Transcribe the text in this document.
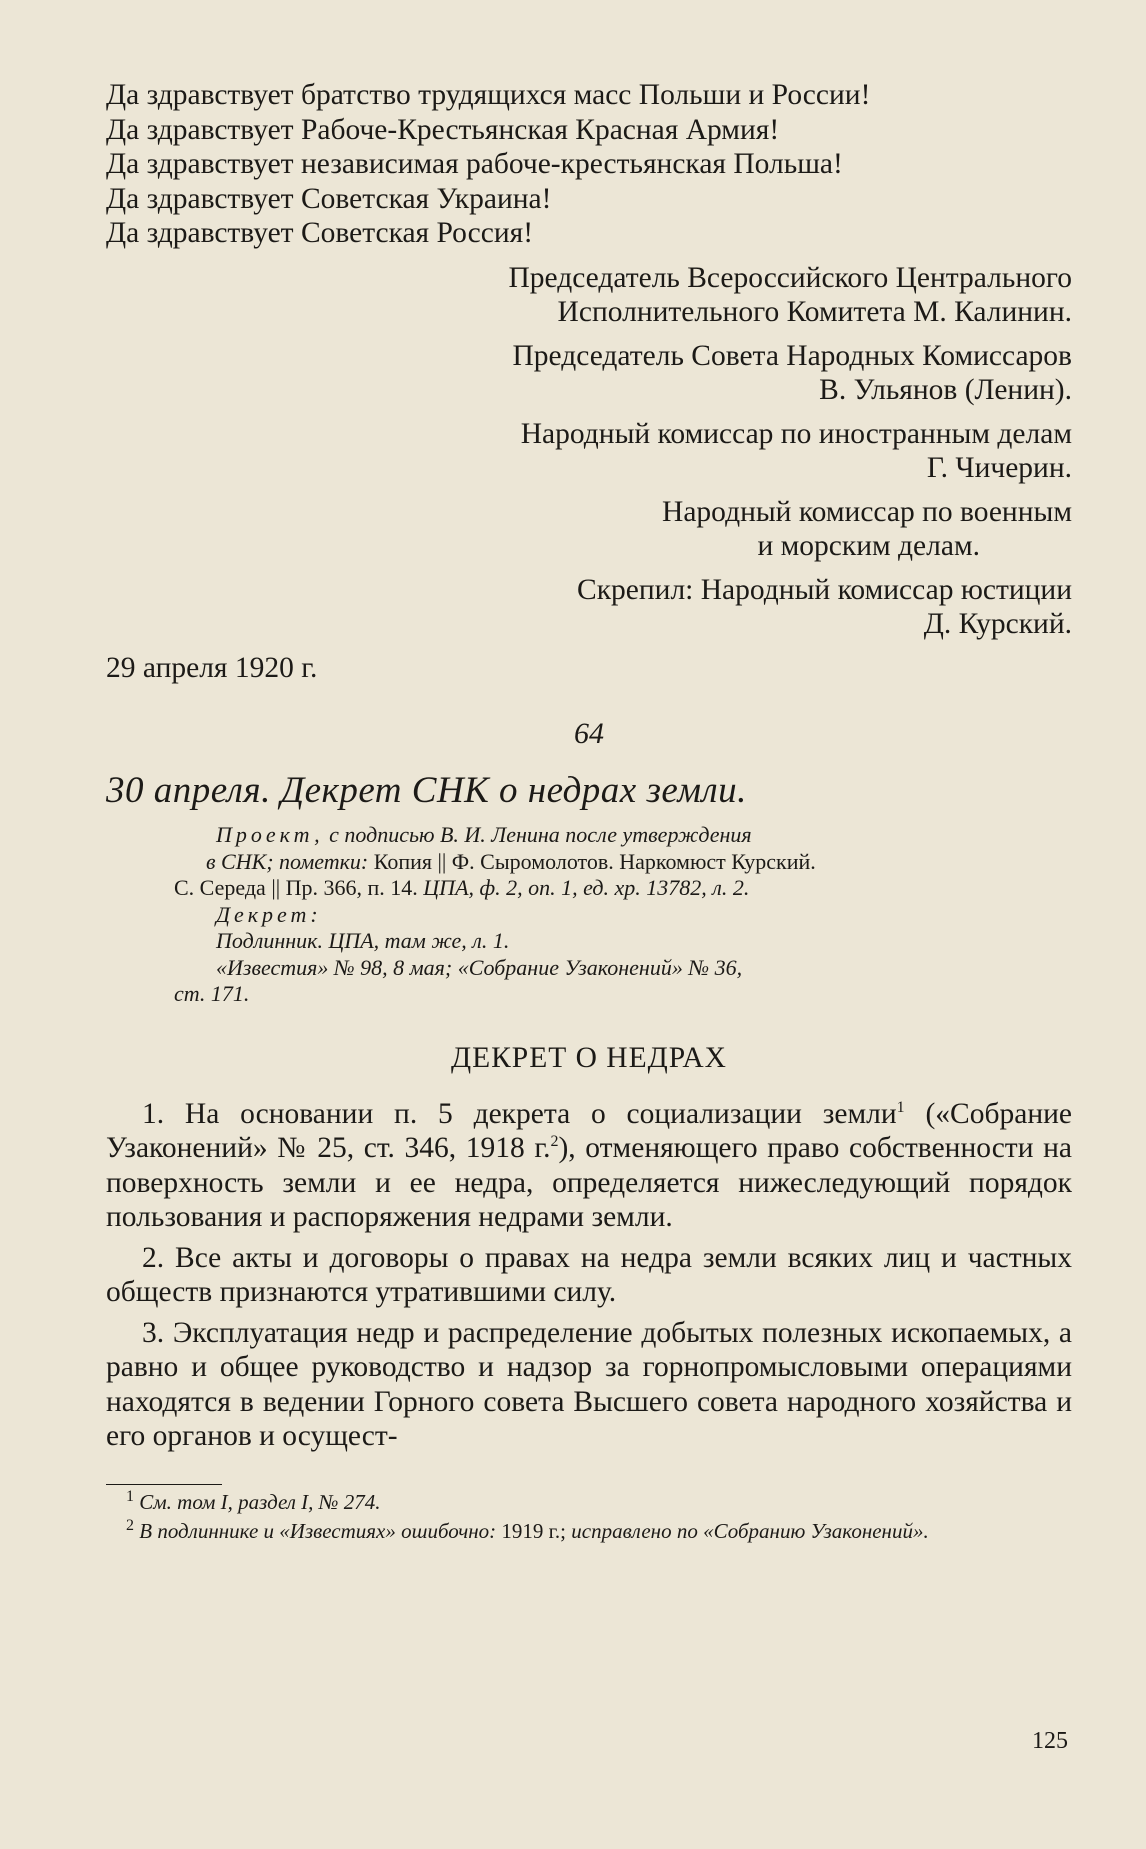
Да здравствует братство трудящихся масс Польши и России!

Да здравствует Рабоче-Крестьянская Красная Армия!

Да здравствует независимая рабоче-крестьянская Польша!

Да здравствует Советская Украина!

Да здравствует Советская Россия!

Председатель Всероссийского Центрального

Исполнительного Комитета М. Калинин.

Председатель Совета Народных Комиссаров

В. Ульянов (Ленин).

Народный комиссар по иностранным делам

Г. Чичерин.

Народный комиссар по военным

и морским делам.

Скрепил: Народный комиссар юстиции

Д. Курский.

29 апреля 1920 г.

64

30 апреля. Декрет СНК о недрах земли.

Проект, с подписью В. И. Ленина после утверждения
в СНК; пометки: Копия || Ф. Сыромолотов. Наркомюст Курский.
С. Середа || Пр. 366, п. 14. ЦПА, ф. 2, оп. 1, ед. хр. 13782, л. 2.
Декрет:
Подлинник. ЦПА, там же, л. 1.
«Известия» № 98, 8 мая; «Собрание Узаконений» № 36,
ст. 171.

ДЕКРЕТ О НЕДРАХ

1. На основании п. 5 декрета о социализации земли$^1$ («Собрание Узаконений» № 25, ст. 346, 1918 г.$^2$), отменяющего право собственности на поверхность земли и ее недра, определяется нижеследующий порядок пользования и распоряжения недрами земли.

2. Все акты и договоры о правах на недра земли всяких лиц и частных обществ признаются утратившими силу.

3. Эксплуатация недр и распределение добытых полезных ископаемых, а равно и общее руководство и надзор за горнопромысловыми операциями находятся в ведении Горного совета Высшего совета народного хозяйства и его органов и осущест-

$^1$ См. том I, раздел I, № 274.

$^2$ В подлиннике и «Известиях» ошибочно: 1919 г.; исправлено по «Собранию Узаконений».

125
